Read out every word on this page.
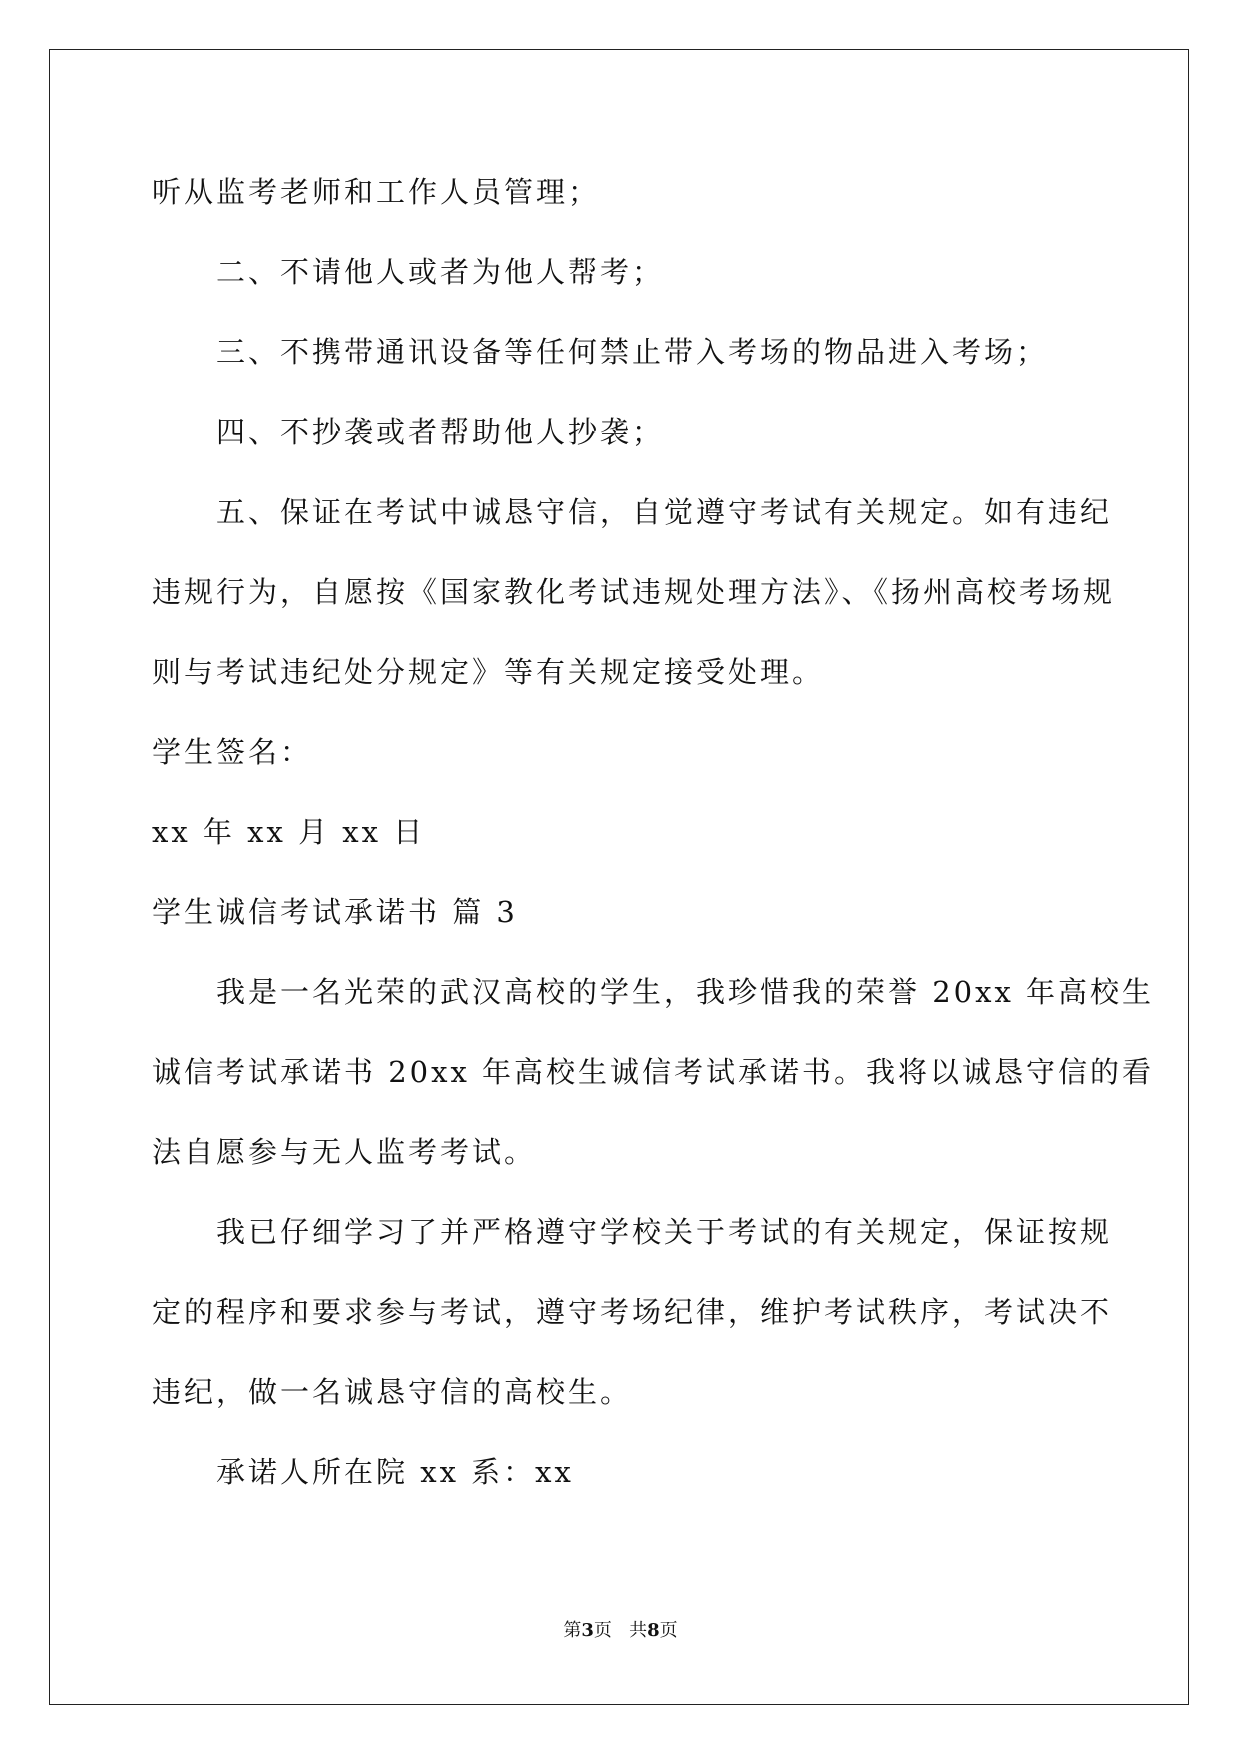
听从监考老师和工作人员管理；
二、不请他人或者为他人帮考；
三、不携带通讯设备等任何禁止带入考场的物品进入考场；
四、不抄袭或者帮助他人抄袭；
五、保证在考试中诚恳守信，自觉遵守考试有关规定。如有违纪
违规行为，自愿按《国家教化考试违规处理方法》、《扬州高校考场规
则与考试违纪处分规定》等有关规定接受处理。
学生签名：
xx 年 xx 月 xx 日
学生诚信考试承诺书 篇 3
我是一名光荣的武汉高校的学生，我珍惜我的荣誉 20xx 年高校生
诚信考试承诺书 20xx 年高校生诚信考试承诺书。我将以诚恳守信的看
法自愿参与无人监考考试。
我已仔细学习了并严格遵守学校关于考试的有关规定，保证按规
定的程序和要求参与考试，遵守考场纪律，维护考试秩序，考试决不
违纪，做一名诚恳守信的高校生。
承诺人所在院 xx 系：xx
第3页   共8页
